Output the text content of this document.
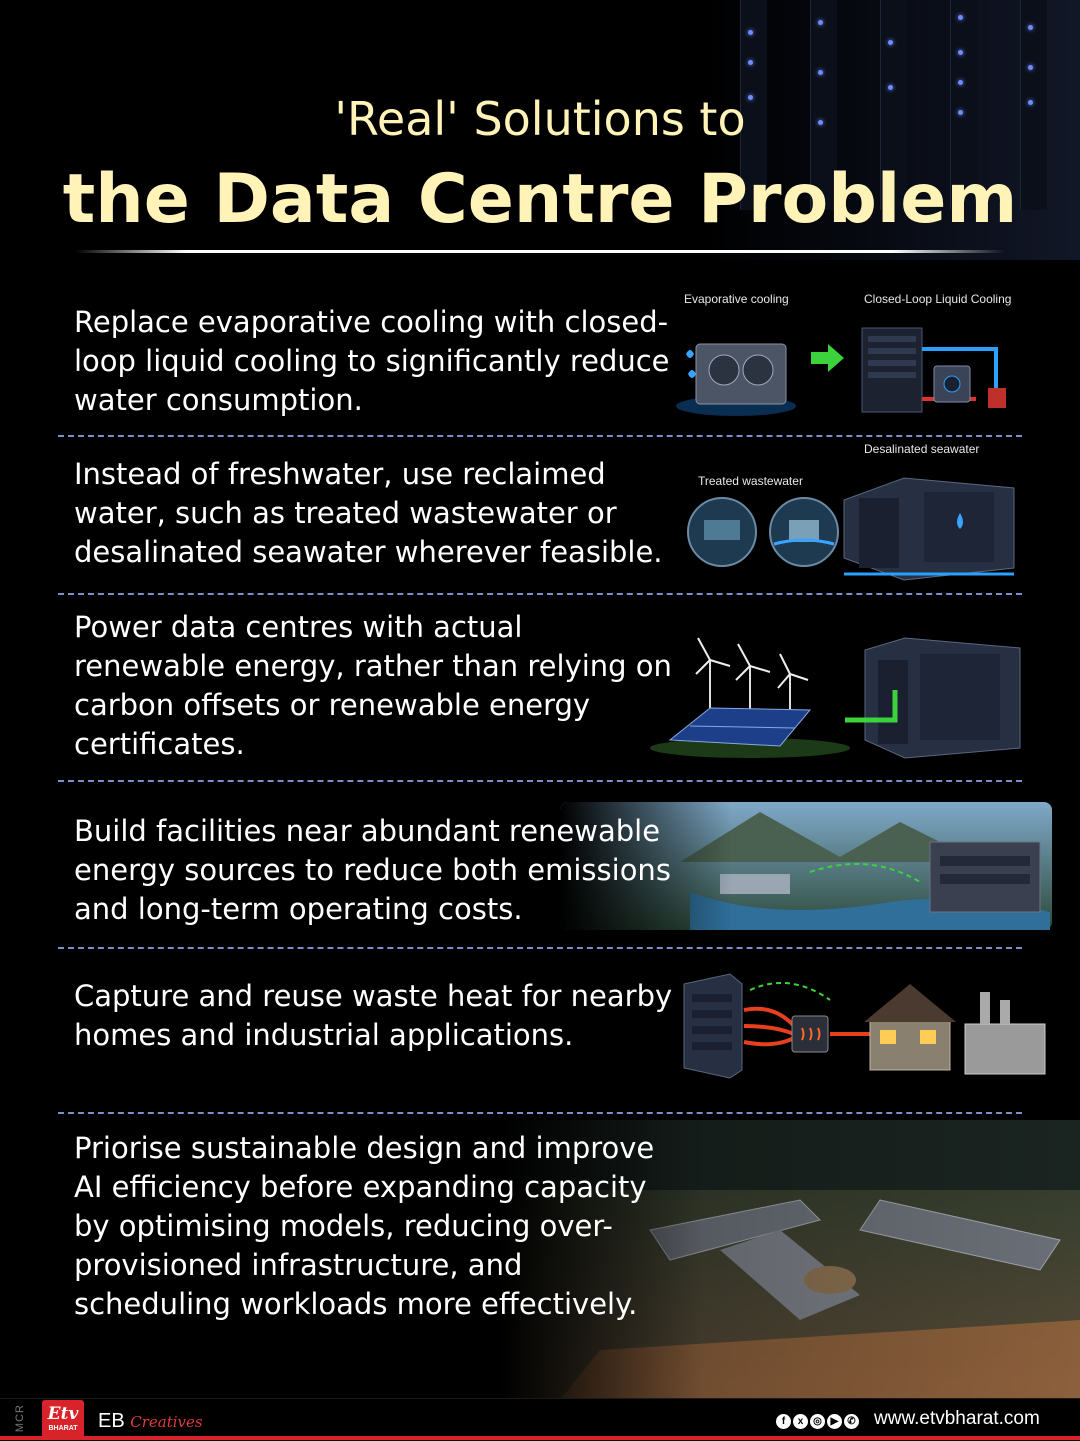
'Real' Solutions to
the Data Centre Problem
Replace evaporative cooling with closed-loop liquid cooling to significantly reduce water consumption.
Evaporative cooling	Closed-Loop Liquid Cooling
Instead of freshwater, use reclaimed water, such as treated wastewater or desalinated seawater wherever feasible.
Desalinated seawater
Treated wastewater
Power data centres with actual renewable energy, rather than relying on carbon offsets or renewable energy certificates.
Build facilities near abundant renewable energy sources to reduce both emissions and long-term operating costs.
Capture and reuse waste heat for nearby homes and industrial applications.
Priorise sustainable design and improve AI efficiency before expanding capacity by optimising models, reducing over-provisioned infrastructure, and scheduling workloads more effectively.
MCR	Etv
BHARAT	EB Creatives	f x ◎ ▶ ✆ www.etvbharat.com
